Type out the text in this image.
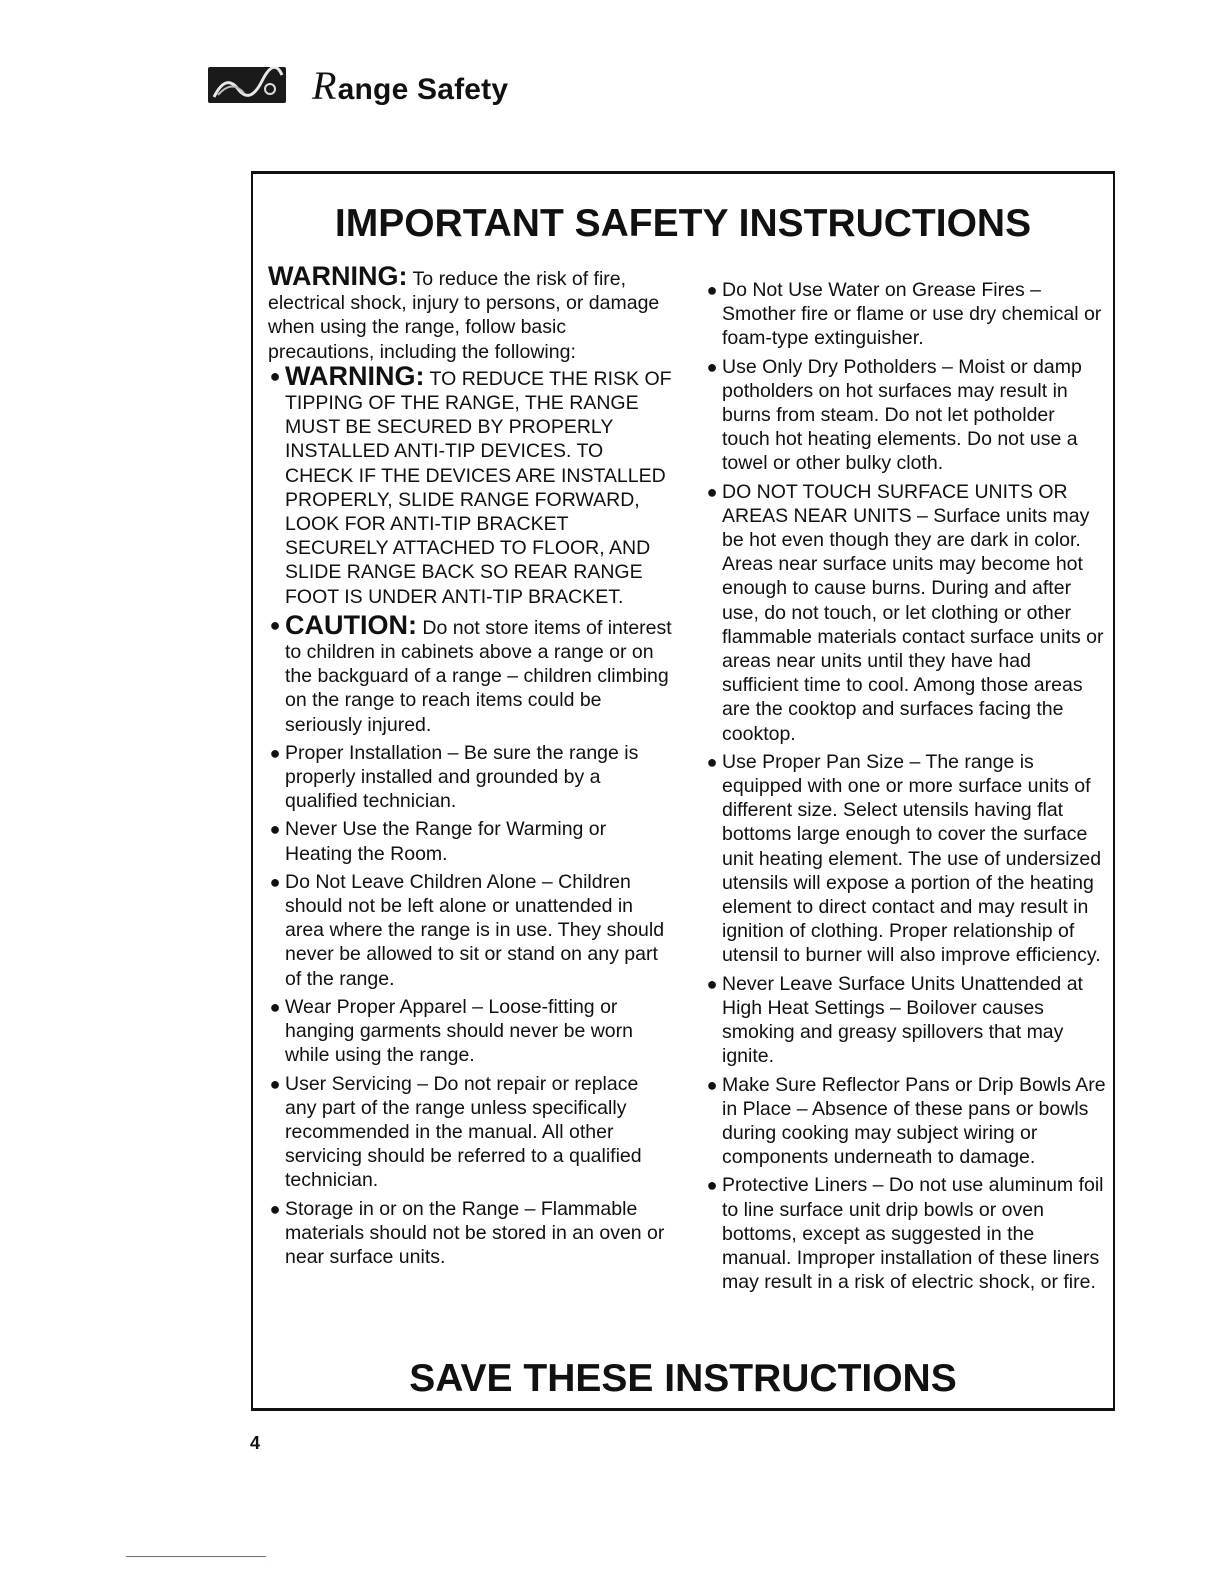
Range Safety
IMPORTANT SAFETY INSTRUCTIONS
WARNING: To reduce the risk of fire, electrical shock, injury to persons, or damage when using the range, follow basic precautions, including the following:
● WARNING: TO REDUCE THE RISK OF TIPPING OF THE RANGE, THE RANGE MUST BE SECURED BY PROPERLY INSTALLED ANTI-TIP DEVICES. TO CHECK IF THE DEVICES ARE INSTALLED PROPERLY, SLIDE RANGE FORWARD, LOOK FOR ANTI-TIP BRACKET SECURELY ATTACHED TO FLOOR, AND SLIDE RANGE BACK SO REAR RANGE FOOT IS UNDER ANTI-TIP BRACKET.
● CAUTION: Do not store items of interest to children in cabinets above a range or on the backguard of a range – children climbing on the range to reach items could be seriously injured.
● Proper Installation – Be sure the range is properly installed and grounded by a qualified technician.
● Never Use the Range for Warming or Heating the Room.
● Do Not Leave Children Alone – Children should not be left alone or unattended in area where the range is in use. They should never be allowed to sit or stand on any part of the range.
● Wear Proper Apparel – Loose-fitting or hanging garments should never be worn while using the range.
● User Servicing – Do not repair or replace any part of the range unless specifically recommended in the manual. All other servicing should be referred to a qualified technician.
● Storage in or on the Range – Flammable materials should not be stored in an oven or near surface units.
● Do Not Use Water on Grease Fires – Smother fire or flame or use dry chemical or foam-type extinguisher.
● Use Only Dry Potholders – Moist or damp potholders on hot surfaces may result in burns from steam. Do not let potholder touch hot heating elements. Do not use a towel or other bulky cloth.
● DO NOT TOUCH SURFACE UNITS OR AREAS NEAR UNITS – Surface units may be hot even though they are dark in color. Areas near surface units may become hot enough to cause burns. During and after use, do not touch, or let clothing or other flammable materials contact surface units or areas near units until they have had sufficient time to cool. Among those areas are the cooktop and surfaces facing the cooktop.
● Use Proper Pan Size – The range is equipped with one or more surface units of different size. Select utensils having flat bottoms large enough to cover the surface unit heating element. The use of undersized utensils will expose a portion of the heating element to direct contact and may result in ignition of clothing. Proper relationship of utensil to burner will also improve efficiency.
● Never Leave Surface Units Unattended at High Heat Settings – Boilover causes smoking and greasy spillovers that may ignite.
● Make Sure Reflector Pans or Drip Bowls Are in Place – Absence of these pans or bowls during cooking may subject wiring or components underneath to damage.
● Protective Liners – Do not use aluminum foil to line surface unit drip bowls or oven bottoms, except as suggested in the manual. Improper installation of these liners may result in a risk of electric shock, or fire.
SAVE THESE INSTRUCTIONS
4
